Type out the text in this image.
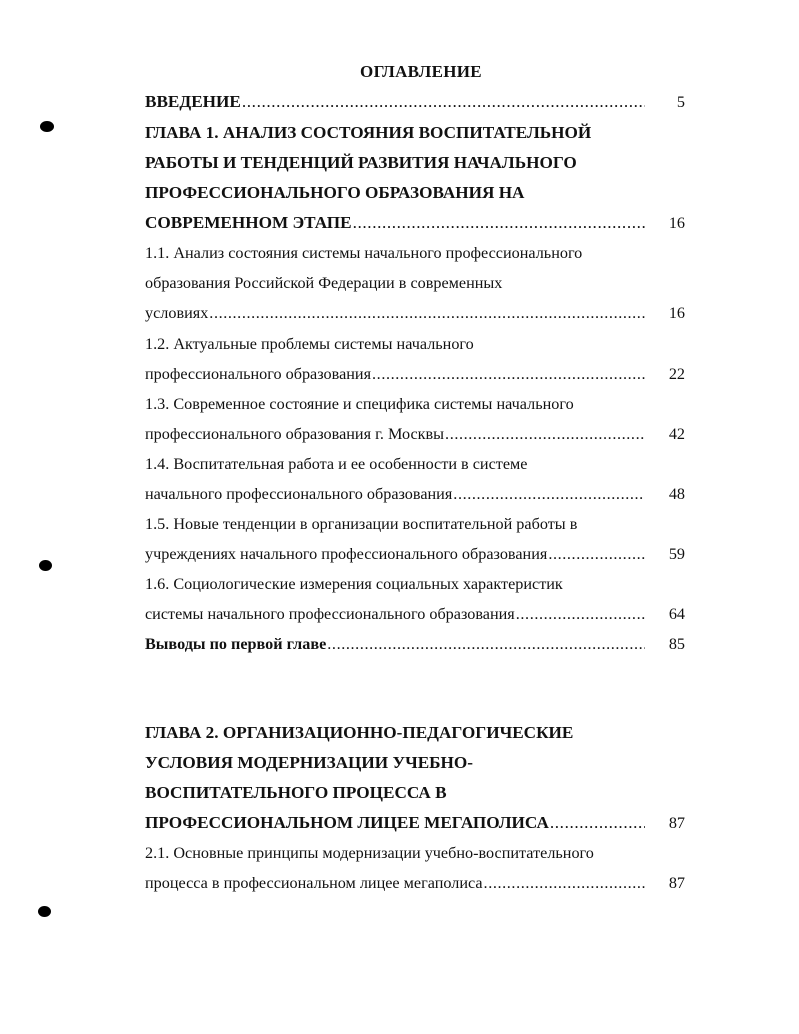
ОГЛАВЛЕНИЕ
ВВЕДЕНИЕ .....	5
ГЛАВА 1. АНАЛИЗ СОСТОЯНИЯ ВОСПИТАТЕЛЬНОЙ
РАБОТЫ И ТЕНДЕНЦИЙ РАЗВИТИЯ НАЧАЛЬНОГО
ПРОФЕССИОНАЛЬНОГО ОБРАЗОВАНИЯ НА
СОВРЕМЕННОМ ЭТАПЕ .....	16
1.1. Анализ состояния системы начального профессионального
образования Российской Федерации в современных
условиях .....	16
1.2. Актуальные проблемы системы начального
профессионального образования .....	22
1.3. Современное состояние и специфика системы начального
профессионального образования г. Москвы .....	42
1.4. Воспитательная работа и ее особенности в системе
начального профессионального образования .....	48
1.5. Новые тенденции в организации воспитательной работы в
учреждениях начального профессионального образования .....	59
1.6. Социологические измерения социальных характеристик
системы начального профессионального образования .....	64
Выводы по первой главе .....	85
ГЛАВА 2. ОРГАНИЗАЦИОННО-ПЕДАГОГИЧЕСКИЕ
УСЛОВИЯ МОДЕРНИЗАЦИИ УЧЕБНО-
ВОСПИТАТЕЛЬНОГО ПРОЦЕССА В
ПРОФЕССИОНАЛЬНОМ ЛИЦЕЕ МЕГАПОЛИСА .....	87
2.1. Основные принципы модернизации учебно-воспитательного
процесса в профессиональном лицее мегаполиса .....	87
